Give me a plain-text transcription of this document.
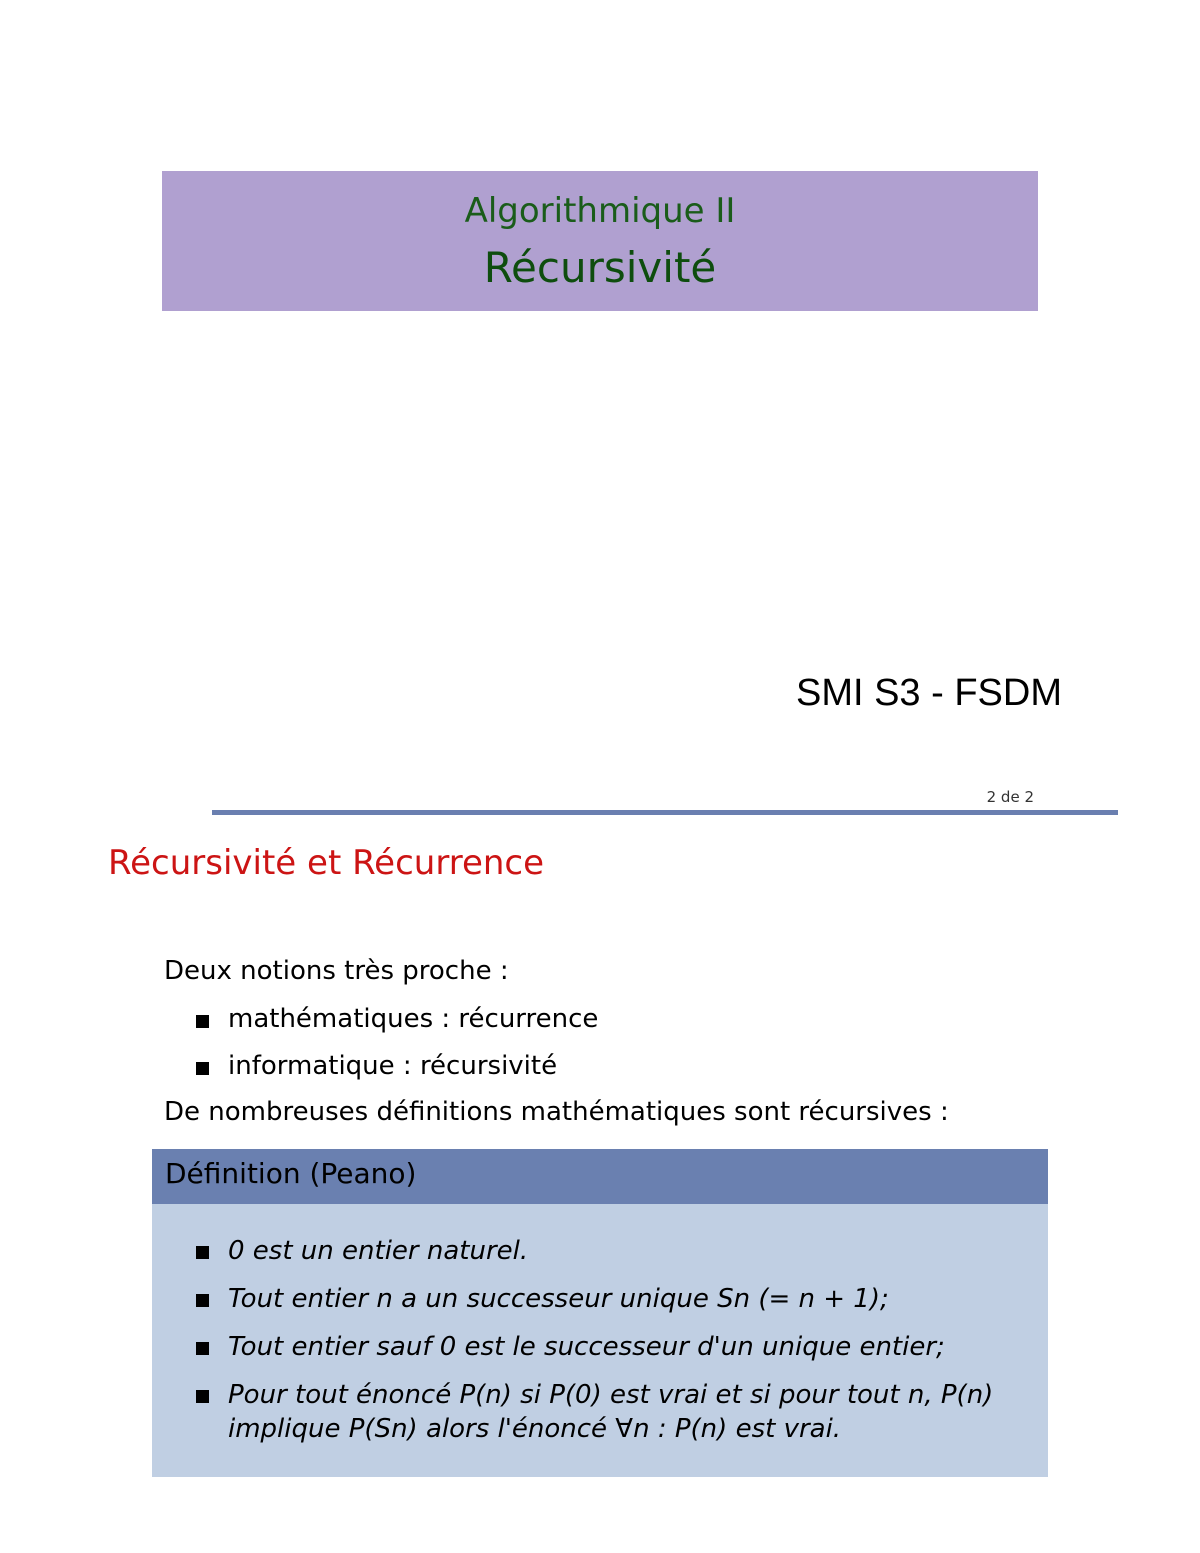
Algorithmique II
Récursivité
SMI S3 - FSDM
2 de 2
Récursivité et Récurrence
Deux notions très proche :
mathématiques : récurrence
informatique : récursivité
De nombreuses définitions mathématiques sont récursives :
Définition (Peano)
0 est un entier naturel.
Tout entier n a un successeur unique Sn (= n + 1);
Tout entier sauf 0 est le successeur d'un unique entier;
Pour tout énoncé P(n) si P(0) est vrai et si pour tout n, P(n) implique P(Sn) alors l'énoncé ∀n : P(n) est vrai.
